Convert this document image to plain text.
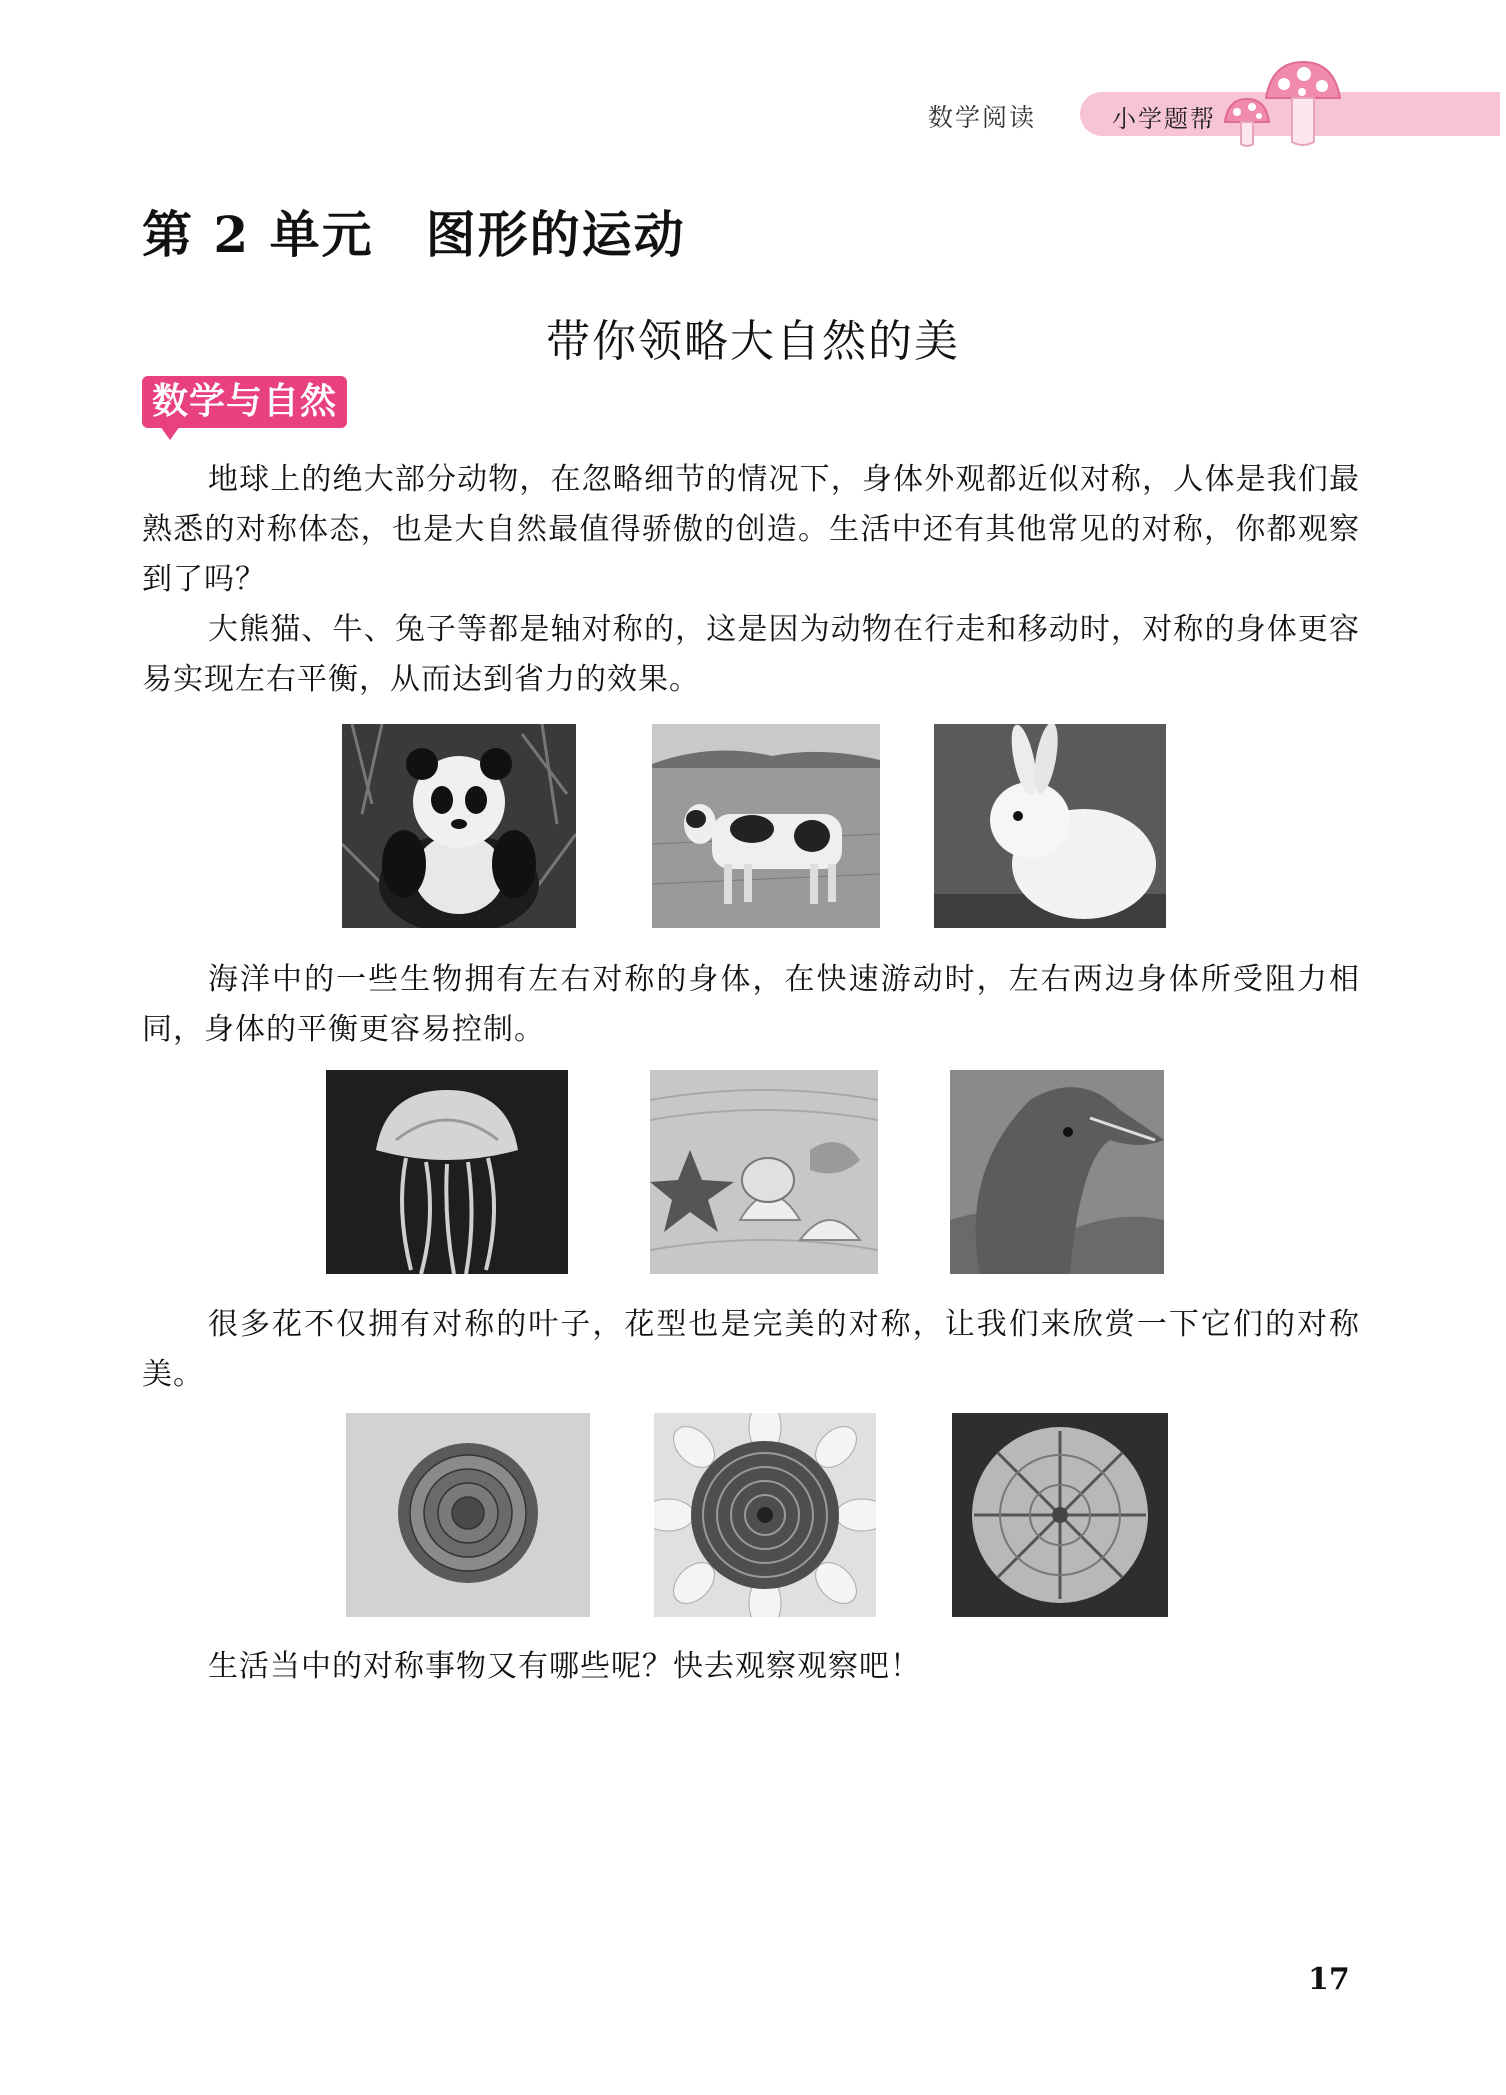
数学阅读	小学题帮
第 2 单元　图形的运动
带你领略大自然的美
数学与自然

地球上的绝大部分动物，在忽略细节的情况下，身体外观都近似对称，人体是我们最熟悉的对称体态，也是大自然最值得骄傲的创造。生活中还有其他常见的对称，你都观察到了吗？

大熊猫、牛、兔子等都是轴对称的，这是因为动物在行走和移动时，对称的身体更容易实现左右平衡，从而达到省力的效果。

海洋中的一些生物拥有左右对称的身体，在快速游动时，左右两边身体所受阻力相同，身体的平衡更容易控制。

很多花不仅拥有对称的叶子，花型也是完美的对称，让我们来欣赏一下它们的对称美。

生活当中的对称事物又有哪些呢？快去观察观察吧！

17
